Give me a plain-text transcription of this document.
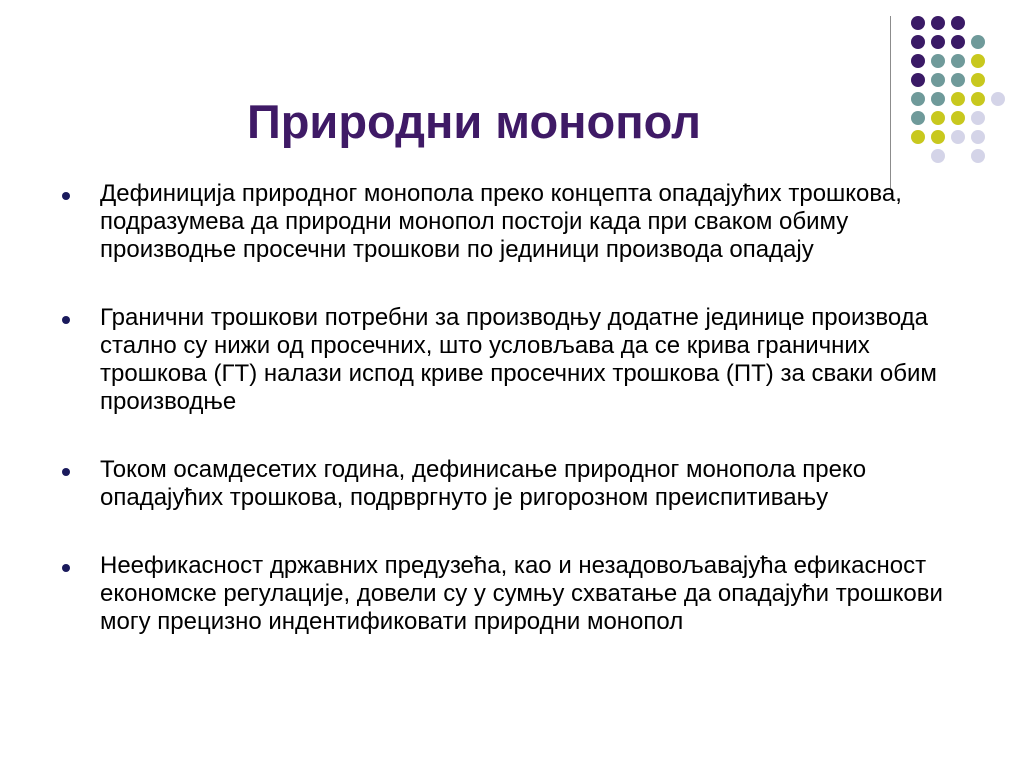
Природни монопол
Дефиниција природног монопола преко концепта опадајућих трошкова, подразумева да природни монопол постоји када при сваком обиму производње просечни трошкови по јединици производа опадају
Гранични трошкови потребни за производњу додатне јединице производа стално су нижи од просечних, што условљава да се крива граничних трошкова (ГТ) налази испод криве просечних трошкова (ПТ) за сваки обим производње
Током осамдесетих година, дефинисање природног монопола преко опадајућих трошкова, подрвргнуто је ригорозном преиспитивању
Неефикасност државних предузећа, као и незадовољавајућа ефикасност економске регулације, довели су у сумњу схватање да опадајући трошкови могу прецизно индентификовати природни монопол
